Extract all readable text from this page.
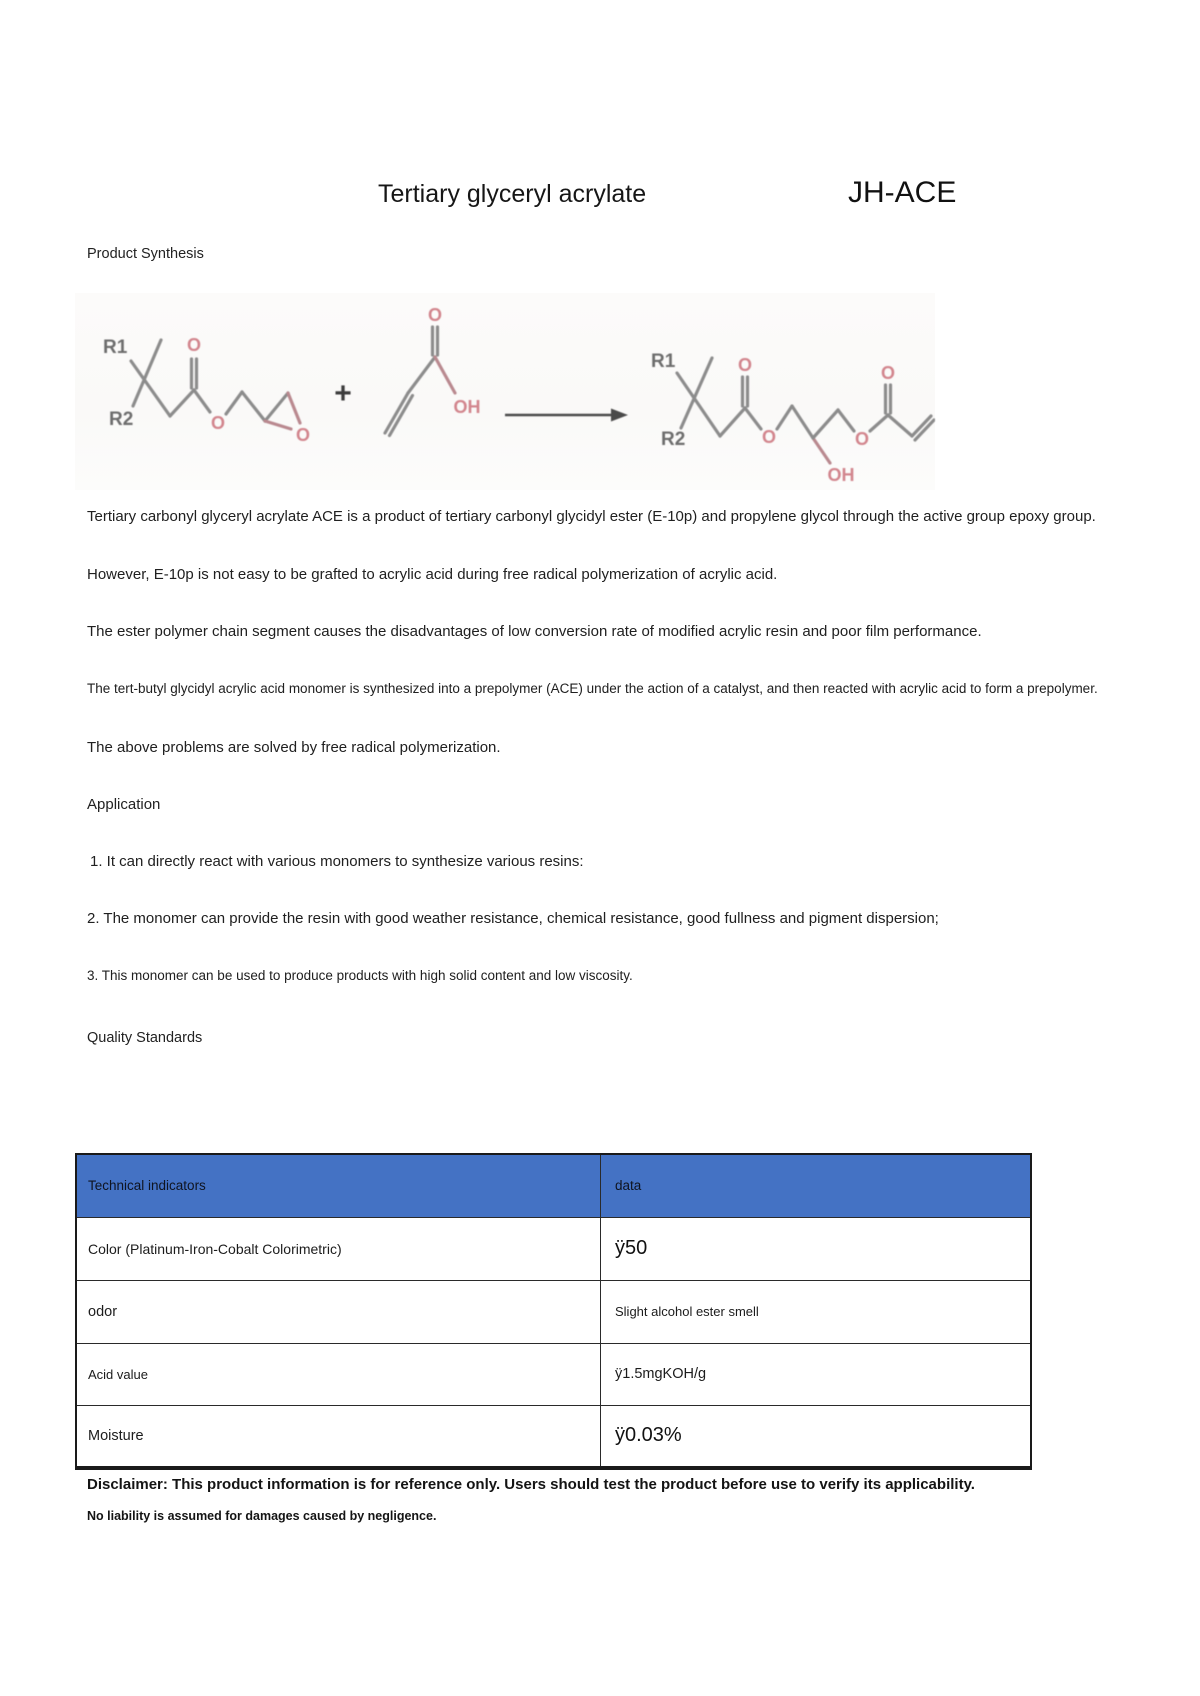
Tertiary glyceryl acrylate	JH-ACE
Product Synthesis
R1
R2
O
O
O
+
O
OH
R1
R2
O
O
OH
O
O
Tertiary carbonyl glyceryl acrylate ACE is a product of tertiary carbonyl glycidyl ester (E-10p) and propylene glycol through the active group epoxy group.
However, E-10p is not easy to be grafted to acrylic acid during free radical polymerization of acrylic acid.
The ester polymer chain segment causes the disadvantages of low conversion rate of modified acrylic resin and poor film performance.
The tert-butyl glycidyl acrylic acid monomer is synthesized into a prepolymer (ACE) under the action of a catalyst, and then reacted with acrylic acid to form a prepolymer.
The above problems are solved by free radical polymerization.
Application
1. It can directly react with various monomers to synthesize various resins:
2. The monomer can provide the resin with good weather resistance, chemical resistance, good fullness and pigment dispersion;
3. This monomer can be used to produce products with high solid content and low viscosity.
Quality Standards
Technical indicators	data
Color (Platinum-Iron-Cobalt Colorimetric)	ÿ50
odor	Slight alcohol ester smell
Acid value	ÿ1.5mgKOH/g
Moisture	ÿ0.03%
Disclaimer: This product information is for reference only. Users should test the product before use to verify its applicability.
No liability is assumed for damages caused by negligence.
